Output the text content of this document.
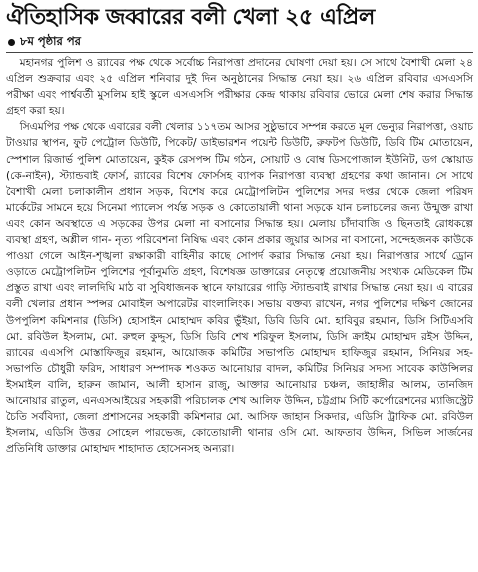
ঐতিহাসিক জব্বারের বলী খেলা ২৫ এপ্রিল
৮ম পৃষ্ঠার পর

মহানগর পুলিশ ও র‌্যাবের পক্ষ থেকে সর্বোচ্চ নিরাপত্তা প্রদানের ঘোষণা দেয়া হয়। সে সাথে বৈশাখী মেলা ২৪ এপ্রিল শুক্রবার এবং ২৫ এপ্রিল শনিবার দুই দিন অনুষ্ঠানের সিদ্ধান্ত নেয়া হয়। ২৬ এপ্রিল রবিবার এসএসসি পরীক্ষা এবং পার্শ্ববর্তী মুসলিম হাই স্কুলে এসএসসি পরীক্ষার কেন্দ্র থাকায় রবিবার ভোরে মেলা শেষ করার সিদ্ধান্ত গ্রহণ করা হয়।

সিএমপির পক্ষ থেকে এবারের বলী খেলার ১১৭তম আসর সুষ্ঠুভাবে সম্পন্ন করতে মূল ভেন্যুর নিরাপত্তা, ওয়াচ টাওয়ার স্থাপন, ফুট পেট্রোল ডিউটি, পিকেট/ ডাইভারশন পয়েন্ট ডিউটি, রুফটপ ডিউটি, ডিবি টিম মোতায়েন, স্পেশাল রিজার্ভ পুলিশ মোতায়েন, কুইক রেসপন্স টিম গঠন, সোয়াট ও বোম্ব ডিসপোজাল ইউনিট, ডগ স্কোয়াড (কে-নাইন), স্ট্যান্ডবাই ফোর্স, র‌্যাবের বিশেষ ফোর্সসহ ব্যাপক নিরাপত্তা ব্যবস্থা গ্রহণের কথা জানান। সে সাথে বৈশাখী মেলা চলাকালীন প্রধান সড়ক, বিশেষ করে মেট্রোপলিটন পুলিশের সদর দপ্তর থেকে জেলা পরিষদ মার্কেটের সামনে হয়ে সিনেমা প্যালেস পর্যন্ত সড়ক ও কোতোয়ালী থানা সড়কে যান চলাচলের জন্য উন্মুক্ত রাখা এবং কোন অবস্থাতে এ সড়কের উপর মেলা না বসানোর সিদ্ধান্ত হয়। মেলায় চাঁদাবাজি ও ছিনতাই রোধকল্পে ব্যবস্থা গ্রহণ, অশ্লীল গান- নৃত্য পরিবেশনা নিষিদ্ধ এবং কোন প্রকার জুয়ার আসর না বসানো, সন্দেহজনক কাউকে পাওয়া গেলে আইন-শৃঙ্খলা রক্ষাকারী বাহিনীর কাছে সোপর্দ করার সিদ্ধান্ত নেয়া হয়। নিরাপত্তার সার্থে ড্রোন ওড়াতে মেট্রোপলিটন পুলিশের পূর্বানুমতি গ্রহণ, বিশেষজ্ঞ ডাক্তারের নেতৃত্বে প্রয়োজনীয় সংখ্যক মেডিকেল টিম প্রস্তুত রাখা এবং লালদিঘি মাঠ বা সুবিধাজনক স্থানে ফায়ারের গাড়ি স্ট্যান্ডবাই রাখার সিদ্ধান্ত নেয়া হয়। এ বারের বলী খেলার প্রধান স্পন্সর মোবাইল অপারেটর বাংলালিংক। সভায় বক্তব্য রাখেন, নগর পুলিশের দক্ষিণ জোনের উপপুলিশ কমিশনার (ডিসি) হোসাইন মোহাম্মদ কবির ভুঁইয়া, ডিবি ডিবি মো. হাবিবুর রহমান, ডিসি সিটিএসবি মো. রবিউল ইসলাম, মো. রুহুল কুদ্দুস, ডিসি ডিবি শেখ শরিফুল ইসলাম, ডিসি ক্রাইম মোহাম্মদ রইস উদ্দিন, র‌্যাবের এএসপি মোস্তাফিজুর রহমান, আয়োজক কমিটির সভাপতি মোহাম্মদ হাফিজুর রহমান, সিনিয়র সহ-সভাপতি চৌধুরী ফরিদ, সাধারণ সম্পাদক শওকত আনোয়ার বাদল, কমিটির সিনিয়র সদস্য সাবেক কাউন্সিলর ইসমাইল বালি, হারুন জামান, আলী হাসান রাজু, আক্তার আনোয়ার চঞ্চল, জাহাঙ্গীর আলম, তানজিদ আনোয়ার রাতুল, এনএসআইয়ের সহকারী পরিচালক শেখ আলিফ উদ্দিন, চট্টগ্রাম সিটি কর্পোরেশনের ম্যাজিস্ট্রেট চৈতি সর্ববিদ্যা, জেলা প্রশাসনের সহকারী কমিশনার মো. আসিফ জাহান সিকদার, এডিসি ট্রাফিক মো. রবিউল ইসলাম, এডিসি উত্তর সোহেল পারভেজ, কোতোয়ালী থানার ওসি মো. আফতাব উদ্দিন, সিভিল সার্জনের প্রতিনিধি ডাক্তার মোহাম্মদ শাহাদাত হোসেনসহ অন্যরা।
